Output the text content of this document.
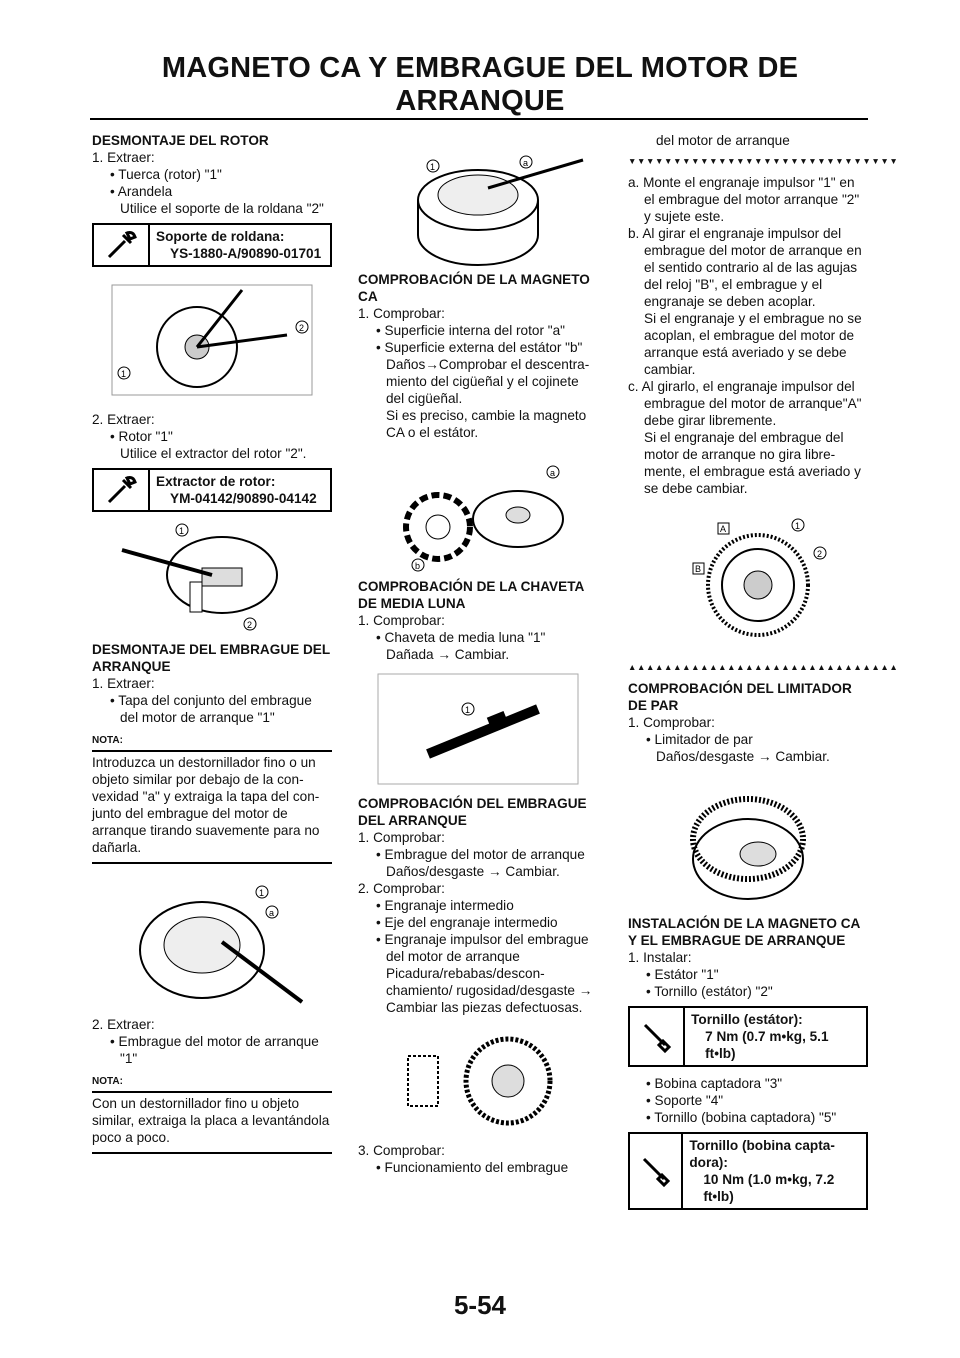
MAGNETO CA Y EMBRAGUE DEL MOTOR DE ARRANQUE

DESMONTAJE DEL ROTOR

1. Extraer:

• Tuerca (rotor) "1"

• Arandela

Utilice el soporte de la roldana "2"

Soporte de roldana:
YS-1880-A/90890-01701
1
2

2. Extraer:

• Rotor "1"

Utilice el extractor del rotor "2".

Extractor de rotor:
YM-04142/90890-04142
1
2

DESMONTAJE DEL EMBRAGUE DEL ARRANQUE

1. Extraer:

• Tapa del conjunto del embrague del motor de arranque "1"

NOTA:

Introduzca un destornillador fino o un objeto similar por debajo de la convexidad "a" y extraiga la tapa del conjunto del embrague del motor de arranque tirando suavemente para no dañarla.

1
a

2. Extraer:

• Embrague del motor de arranque "1"

NOTA:

Con un destornillador fino u objeto similar, extraiga la placa a levantándola poco a poco.

1	a

COMPROBACIÓN DE LA MAGNETO CA

1. Comprobar:

• Superficie interna del rotor "a"

• Superficie externa del estátor "b"

Daños→Comprobar el descentramiento del cigüeñal y el cojinete del cigüeñal.

Si es preciso, cambie la magneto CA o el estátor.

a
b

COMPROBACIÓN DE LA CHAVETA DE MEDIA LUNA

1. Comprobar:

• Chaveta de media luna "1"

Dañada → Cambiar.

1

COMPROBACIÓN DEL EMBRAGUE DEL ARRANQUE

1. Comprobar:

• Embrague del motor de arranque

Daños/desgaste → Cambiar.

2. Comprobar:

• Engranaje intermedio

• Eje del engranaje intermedio

• Engranaje impulsor del embrague del motor de arranque

Picadura/rebabas/desconchamiento/ rugosidad/desgaste → Cambiar las piezas defectuosas.

3. Comprobar:

• Funcionamiento del embrague

del motor de arranque

▼▼▼▼▼▼▼▼▼▼▼▼▼▼▼▼▼▼▼▼▼▼▼▼▼▼▼▼▼▼

a. Monte el engranaje impulsor "1" en el embrague del motor arranque "2" y sujete este.

b. Al girar el engranaje impulsor del embrague del motor de arranque en el sentido contrario al de las agujas del reloj "B", el embrague y el engranaje se deben acoplar.

Si el engranaje y el embrague no se acoplan, el embrague del motor de arranque está averiado y se debe cambiar.

c. Al girarlo, el engranaje impulsor del embrague del motor de arranque"A" debe girar libremente.

Si el engranaje del embrague del motor de arranque no gira libremente, el embrague está averiado y se debe cambiar.

A
B
1
2
▲▲▲▲▲▲▲▲▲▲▲▲▲▲▲▲▲▲▲▲▲▲▲▲▲▲▲▲▲▲

COMPROBACIÓN DEL LIMITADOR DE PAR

1. Comprobar:

• Limitador de par

Daños/desgaste → Cambiar.

INSTALACIÓN DE LA MAGNETO CA Y EL EMBRAGUE DE ARRANQUE

1. Instalar:

• Estátor "1"

• Tornillo (estátor) "2"

Tornillo (estátor):
7 Nm (0.7 m•kg, 5.1 ft•lb)

• Bobina captadora "3"

• Soporte "4"

• Tornillo (bobina captadora) "5"

Tornillo (bobina captadora):
10 Nm (1.0 m•kg, 7.2 ft•lb)
5-54
